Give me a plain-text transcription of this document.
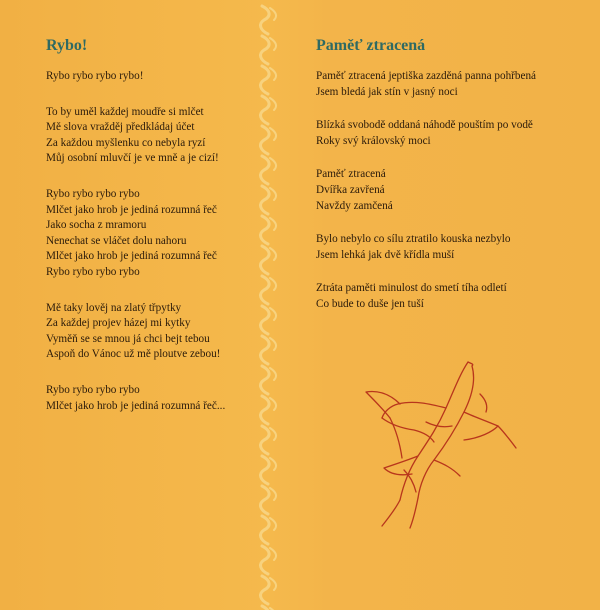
Rybo!
Rybo rybo rybo rybo!
To by uměl každej moudře si mlčet
Mě slova vražděj předkládaj účet
Za každou myšlenku co nebyla ryzí
Můj osobní mluvčí je ve mně a je cizí!
Rybo rybo rybo rybo
Mlčet jako hrob je jediná rozumná řeč
Jako socha z mramoru
Nenechat se vláčet dolu nahoru
Mlčet jako hrob je jediná rozumná řeč
Rybo rybo rybo rybo
Mě taky lověj na zlatý třpytky
Za každej projev házej mi kytky
Vyměň se se mnou já chci bejt tebou
Aspoň do Vánoc už mě ploutve zebou!
Rybo rybo rybo rybo
Mlčet jako hrob je jediná rozumná řeč...
Paměť ztracená
Paměť ztracená jeptiška zazděná panna pohřbená
Jsem bledá jak stín v jasný noci
Blízká svobodě oddaná náhodě pouštím po vodě
Roky svý královský moci
Paměť ztracená
Dvířka zavřená
Navždy zamčená
Bylo nebylo co sílu ztratilo kouska nezbylo
Jsem lehká jak dvě křídla muší
Ztráta paměti minulost do smetí tíha odletí
Co bude to duše jen tuší
